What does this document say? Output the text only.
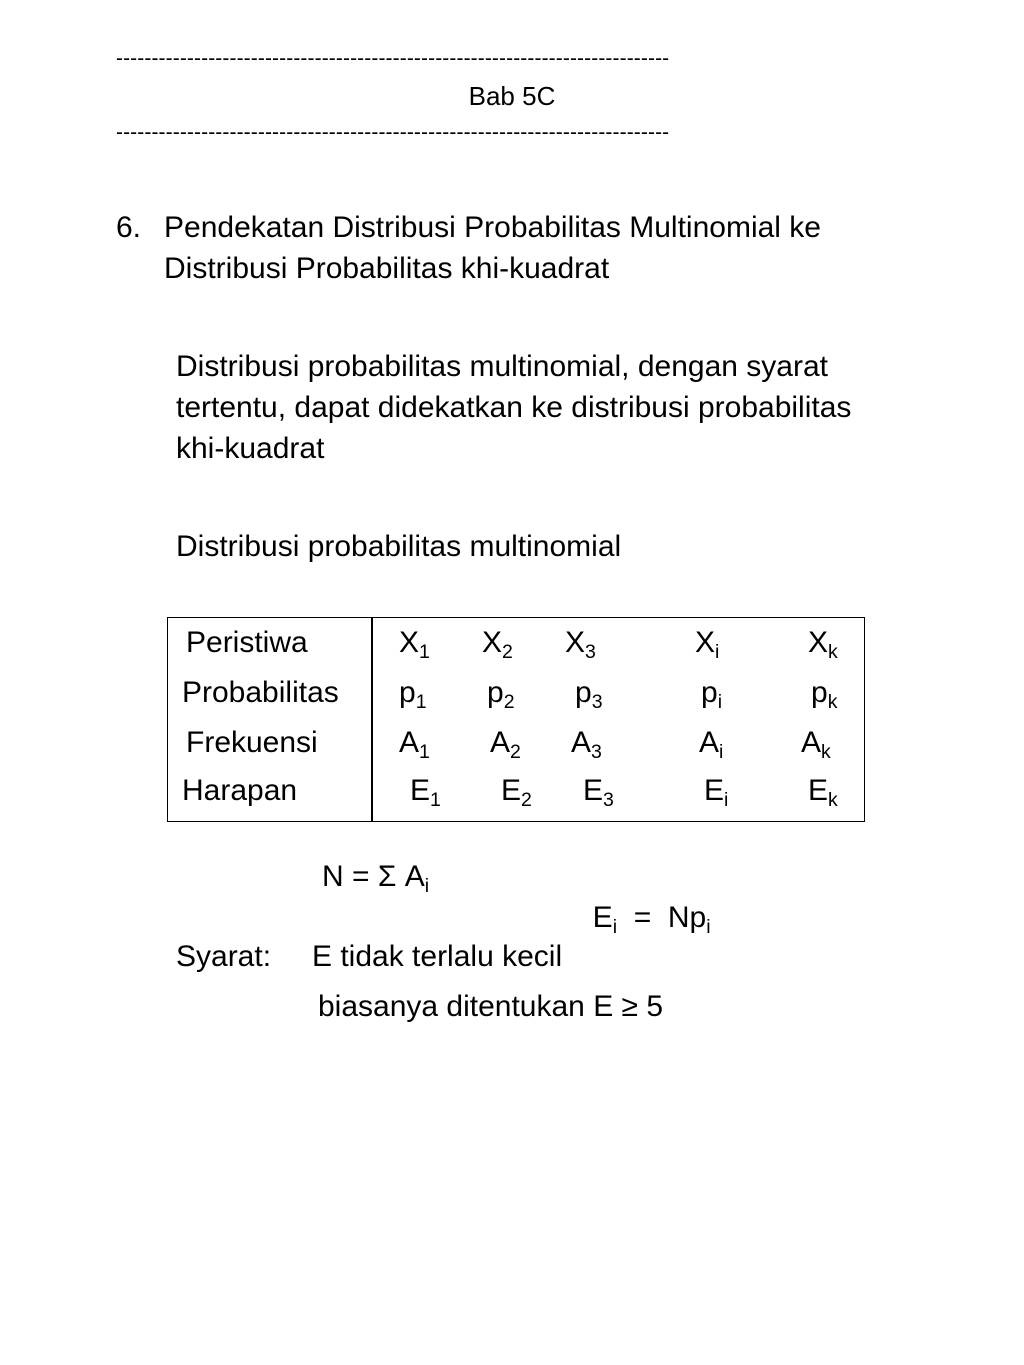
------------------------------------------------------------------------------
Bab 5C
------------------------------------------------------------------------------
6. Pendekatan Distribusi Probabilitas Multinomial ke
Distribusi Probabilitas khi-kuadrat
Distribusi probabilitas multinomial, dengan syarat
tertentu, dapat didekatkan ke distribusi probabilitas
khi-kuadrat
Distribusi probabilitas multinomial
Peristiwa	$X_1$ $X_2$ $X_3$	$X_i$	$X_k$
Probabilitas $p_1$ $p_2$ $p_3$	$p_i$	$p_k$
Frekuensi	$A_1$ $A_2$ $A_3$	$A_i$	$A_k$
Harapan	$E_1$ $E_2$ $E_3$	$E_i$	$E_k$
N = Σ $A_i$

$E_i = Np_i$

Syarat: E tidak terlalu kecil
biasanya ditentukan E ≥ 5
